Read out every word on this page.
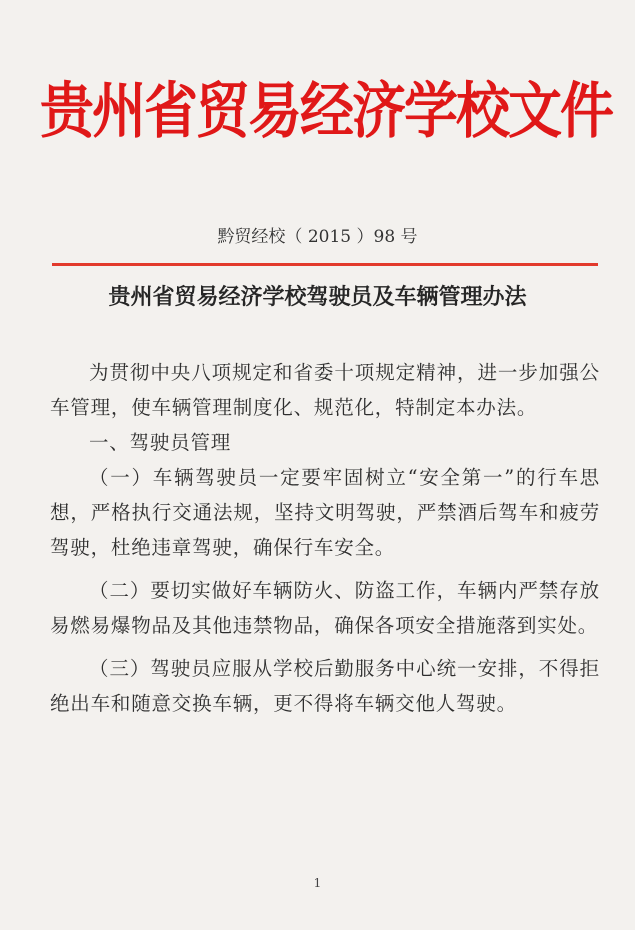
贵州省贸易经济学校文件
黔贸经校（ 2015 ）98 号
贵州省贸易经济学校驾驶员及车辆管理办法

为贯彻中央八项规定和省委十项规定精神，进一步加强公车管理，使车辆管理制度化、规范化，特制定本办法。

一、驾驶员管理

（一）车辆驾驶员一定要牢固树立“安全第一”的行车思想，严格执行交通法规，坚持文明驾驶，严禁酒后驾车和疲劳驾驶，杜绝违章驾驶，确保行车安全。

（二）要切实做好车辆防火、防盗工作，车辆内严禁存放易燃易爆物品及其他违禁物品，确保各项安全措施落到实处。

（三）驾驶员应服从学校后勤服务中心统一安排，不得拒绝出车和随意交换车辆，更不得将车辆交他人驾驶。

1
